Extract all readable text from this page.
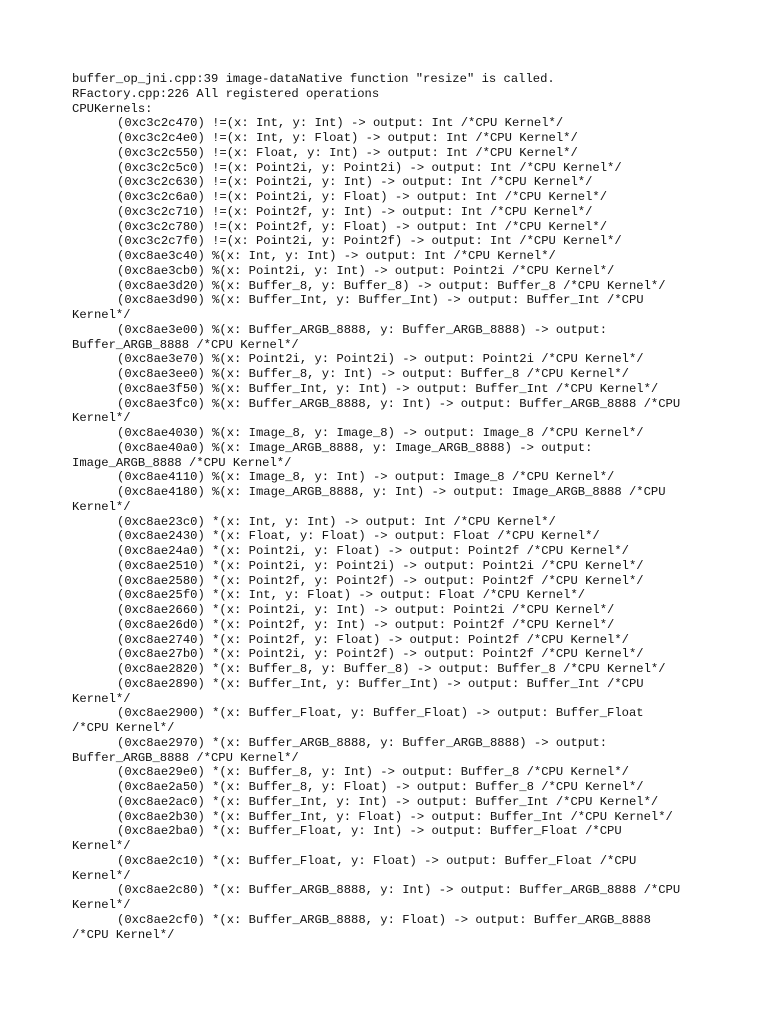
buffer_op_jni.cpp:39 image-dataNative function "resize" is called.
RFactory.cpp:226 All registered operations
CPUKernels:
(0xc3c2c470) !=(x: Int, y: Int) -> output: Int /*CPU Kernel*/
(0xc3c2c4e0) !=(x: Int, y: Float) -> output: Int /*CPU Kernel*/
(0xc3c2c550) !=(x: Float, y: Int) -> output: Int /*CPU Kernel*/
(0xc3c2c5c0) !=(x: Point2i, y: Point2i) -> output: Int /*CPU Kernel*/
(0xc3c2c630) !=(x: Point2i, y: Int) -> output: Int /*CPU Kernel*/
(0xc3c2c6a0) !=(x: Point2i, y: Float) -> output: Int /*CPU Kernel*/
(0xc3c2c710) !=(x: Point2f, y: Int) -> output: Int /*CPU Kernel*/
(0xc3c2c780) !=(x: Point2f, y: Float) -> output: Int /*CPU Kernel*/
(0xc3c2c7f0) !=(x: Point2i, y: Point2f) -> output: Int /*CPU Kernel*/
(0xc8ae3c40) %(x: Int, y: Int) -> output: Int /*CPU Kernel*/
(0xc8ae3cb0) %(x: Point2i, y: Int) -> output: Point2i /*CPU Kernel*/
(0xc8ae3d20) %(x: Buffer_8, y: Buffer_8) -> output: Buffer_8 /*CPU Kernel*/
(0xc8ae3d90) %(x: Buffer_Int, y: Buffer_Int) -> output: Buffer_Int /*CPU
Kernel*/
(0xc8ae3e00) %(x: Buffer_ARGB_8888, y: Buffer_ARGB_8888) -> output:
Buffer_ARGB_8888 /*CPU Kernel*/
(0xc8ae3e70) %(x: Point2i, y: Point2i) -> output: Point2i /*CPU Kernel*/
(0xc8ae3ee0) %(x: Buffer_8, y: Int) -> output: Buffer_8 /*CPU Kernel*/
(0xc8ae3f50) %(x: Buffer_Int, y: Int) -> output: Buffer_Int /*CPU Kernel*/
(0xc8ae3fc0) %(x: Buffer_ARGB_8888, y: Int) -> output: Buffer_ARGB_8888 /*CPU
Kernel*/
(0xc8ae4030) %(x: Image_8, y: Image_8) -> output: Image_8 /*CPU Kernel*/
(0xc8ae40a0) %(x: Image_ARGB_8888, y: Image_ARGB_8888) -> output:
Image_ARGB_8888 /*CPU Kernel*/
(0xc8ae4110) %(x: Image_8, y: Int) -> output: Image_8 /*CPU Kernel*/
(0xc8ae4180) %(x: Image_ARGB_8888, y: Int) -> output: Image_ARGB_8888 /*CPU
Kernel*/
(0xc8ae23c0) *(x: Int, y: Int) -> output: Int /*CPU Kernel*/
(0xc8ae2430) *(x: Float, y: Float) -> output: Float /*CPU Kernel*/
(0xc8ae24a0) *(x: Point2i, y: Float) -> output: Point2f /*CPU Kernel*/
(0xc8ae2510) *(x: Point2i, y: Point2i) -> output: Point2i /*CPU Kernel*/
(0xc8ae2580) *(x: Point2f, y: Point2f) -> output: Point2f /*CPU Kernel*/
(0xc8ae25f0) *(x: Int, y: Float) -> output: Float /*CPU Kernel*/
(0xc8ae2660) *(x: Point2i, y: Int) -> output: Point2i /*CPU Kernel*/
(0xc8ae26d0) *(x: Point2f, y: Int) -> output: Point2f /*CPU Kernel*/
(0xc8ae2740) *(x: Point2f, y: Float) -> output: Point2f /*CPU Kernel*/
(0xc8ae27b0) *(x: Point2i, y: Point2f) -> output: Point2f /*CPU Kernel*/
(0xc8ae2820) *(x: Buffer_8, y: Buffer_8) -> output: Buffer_8 /*CPU Kernel*/
(0xc8ae2890) *(x: Buffer_Int, y: Buffer_Int) -> output: Buffer_Int /*CPU
Kernel*/
(0xc8ae2900) *(x: Buffer_Float, y: Buffer_Float) -> output: Buffer_Float
/*CPU Kernel*/
(0xc8ae2970) *(x: Buffer_ARGB_8888, y: Buffer_ARGB_8888) -> output:
Buffer_ARGB_8888 /*CPU Kernel*/
(0xc8ae29e0) *(x: Buffer_8, y: Int) -> output: Buffer_8 /*CPU Kernel*/
(0xc8ae2a50) *(x: Buffer_8, y: Float) -> output: Buffer_8 /*CPU Kernel*/
(0xc8ae2ac0) *(x: Buffer_Int, y: Int) -> output: Buffer_Int /*CPU Kernel*/
(0xc8ae2b30) *(x: Buffer_Int, y: Float) -> output: Buffer_Int /*CPU Kernel*/
(0xc8ae2ba0) *(x: Buffer_Float, y: Int) -> output: Buffer_Float /*CPU
Kernel*/
(0xc8ae2c10) *(x: Buffer_Float, y: Float) -> output: Buffer_Float /*CPU
Kernel*/
(0xc8ae2c80) *(x: Buffer_ARGB_8888, y: Int) -> output: Buffer_ARGB_8888 /*CPU
Kernel*/
(0xc8ae2cf0) *(x: Buffer_ARGB_8888, y: Float) -> output: Buffer_ARGB_8888
/*CPU Kernel*/
